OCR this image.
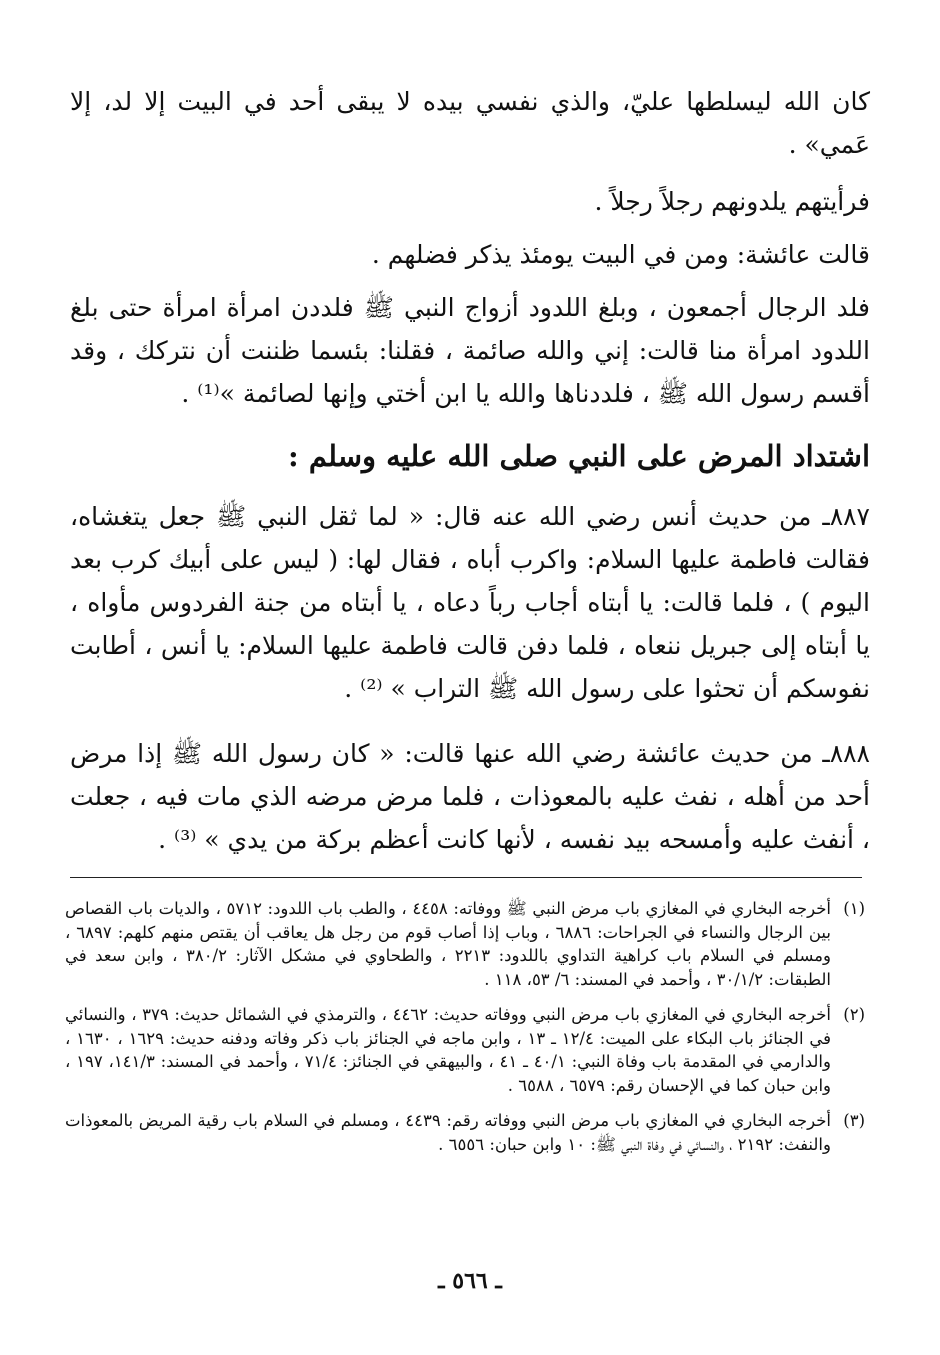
كان الله ليسلطها عليّ، والذي نفسي بيده لا يبقى أحد في البيت إلا لد، إلا عَمي» .

فرأيتهم يلدونهم رجلاً رجلاً .

قالت عائشة: ومن في البيت يومئذ يذكر فضلهم .

فلد الرجال أجمعون ، وبلغ اللدود أزواج النبي ﷺ فلددن امرأة امرأة حتى بلغ اللدود امرأة منا قالت: إني والله صائمة ، فقلنا: بئسما ظننت أن نتركك ، وقد أقسم رسول الله ﷺ ، فلددناها والله يا ابن أختي وإنها لصائمة »⁽¹⁾ .

اشتداد المرض على النبي صلى الله عليه وسلم :

٨٨٧ـ من حديث أنس رضي الله عنه قال: « لما ثقل النبي ﷺ جعل يتغشاه، فقالت فاطمة عليها السلام: واكرب أباه ، فقال لها: ( ليس على أبيك كرب بعد اليوم ) ، فلما قالت: يا أبتاه أجاب رباً دعاه ، يا أبتاه من جنة الفردوس مأواه ، يا أبتاه إلى جبريل ننعاه ، فلما دفن قالت فاطمة عليها السلام: يا أنس ، أطابت نفوسكم أن تحثوا على رسول الله ﷺ التراب » ⁽²⁾ .

٨٨٨ـ من حديث عائشة رضي الله عنها قالت: « كان رسول الله ﷺ إذا مرض أحد من أهله ، نفث عليه بالمعوذات ، فلما مرض مرضه الذي مات فيه ، جعلت ، أنفث عليه وأمسحه بيد نفسه ، لأنها كانت أعظم بركة من يدي » ⁽³⁾ .

(١)
أخرجه البخاري في المغازي باب مرض النبي ﷺ ووفاته: ٤٤٥٨ ، والطب باب اللدود: ٥٧١٢ ، والديات باب القصاص بين الرجال والنساء في الجراحات: ٦٨٨٦ ، وباب إذا أصاب قوم من رجل هل يعاقب أن يقتص منهم كلهم: ٦٨٩٧ ، ومسلم في السلام باب كراهية التداوي باللدود: ٢٢١٣ ، والطحاوي في مشكل الآثار: ٣٨٠/٢ ، وابن سعد في الطبقات: ٣٠/١/٢ ، وأحمد في المسند: ٦/ ٥٣، ١١٨ .
(٢)
أخرجه البخاري في المغازي باب مرض النبي ووفاته حديث: ٤٤٦٢ ، والترمذي في الشمائل حديث: ٣٧٩ ، والنسائي في الجنائز باب البكاء على الميت: ١٢/٤ ـ ١٣ ، وابن ماجه في الجنائز باب ذكر وفاته ودفنه حديث: ١٦٢٩ ، ١٦٣٠ ، والدارمي في المقدمة باب وفاة النبي: ٤٠/١ ـ ٤١ ، والبيهقي في الجنائز: ٧١/٤ ، وأحمد في المسند: ١٤١/٣، ١٩٧ ، وابن حبان كما في الإحسان رقم: ٦٥٧٩ ، ٦٥٨٨ .
(٣)
أخرجه البخاري في المغازي باب مرض النبي ووفاته رقم: ٤٤٣٩ ، ومسلم في السلام باب رقية المريض بالمعوذات والنفث: ٢١٩٢ ، والنسائي في وفاة النبي ﷺ: ١٠ وابن حبان: ٦٥٥٦ .
ـ ٥٦٦ ـ
